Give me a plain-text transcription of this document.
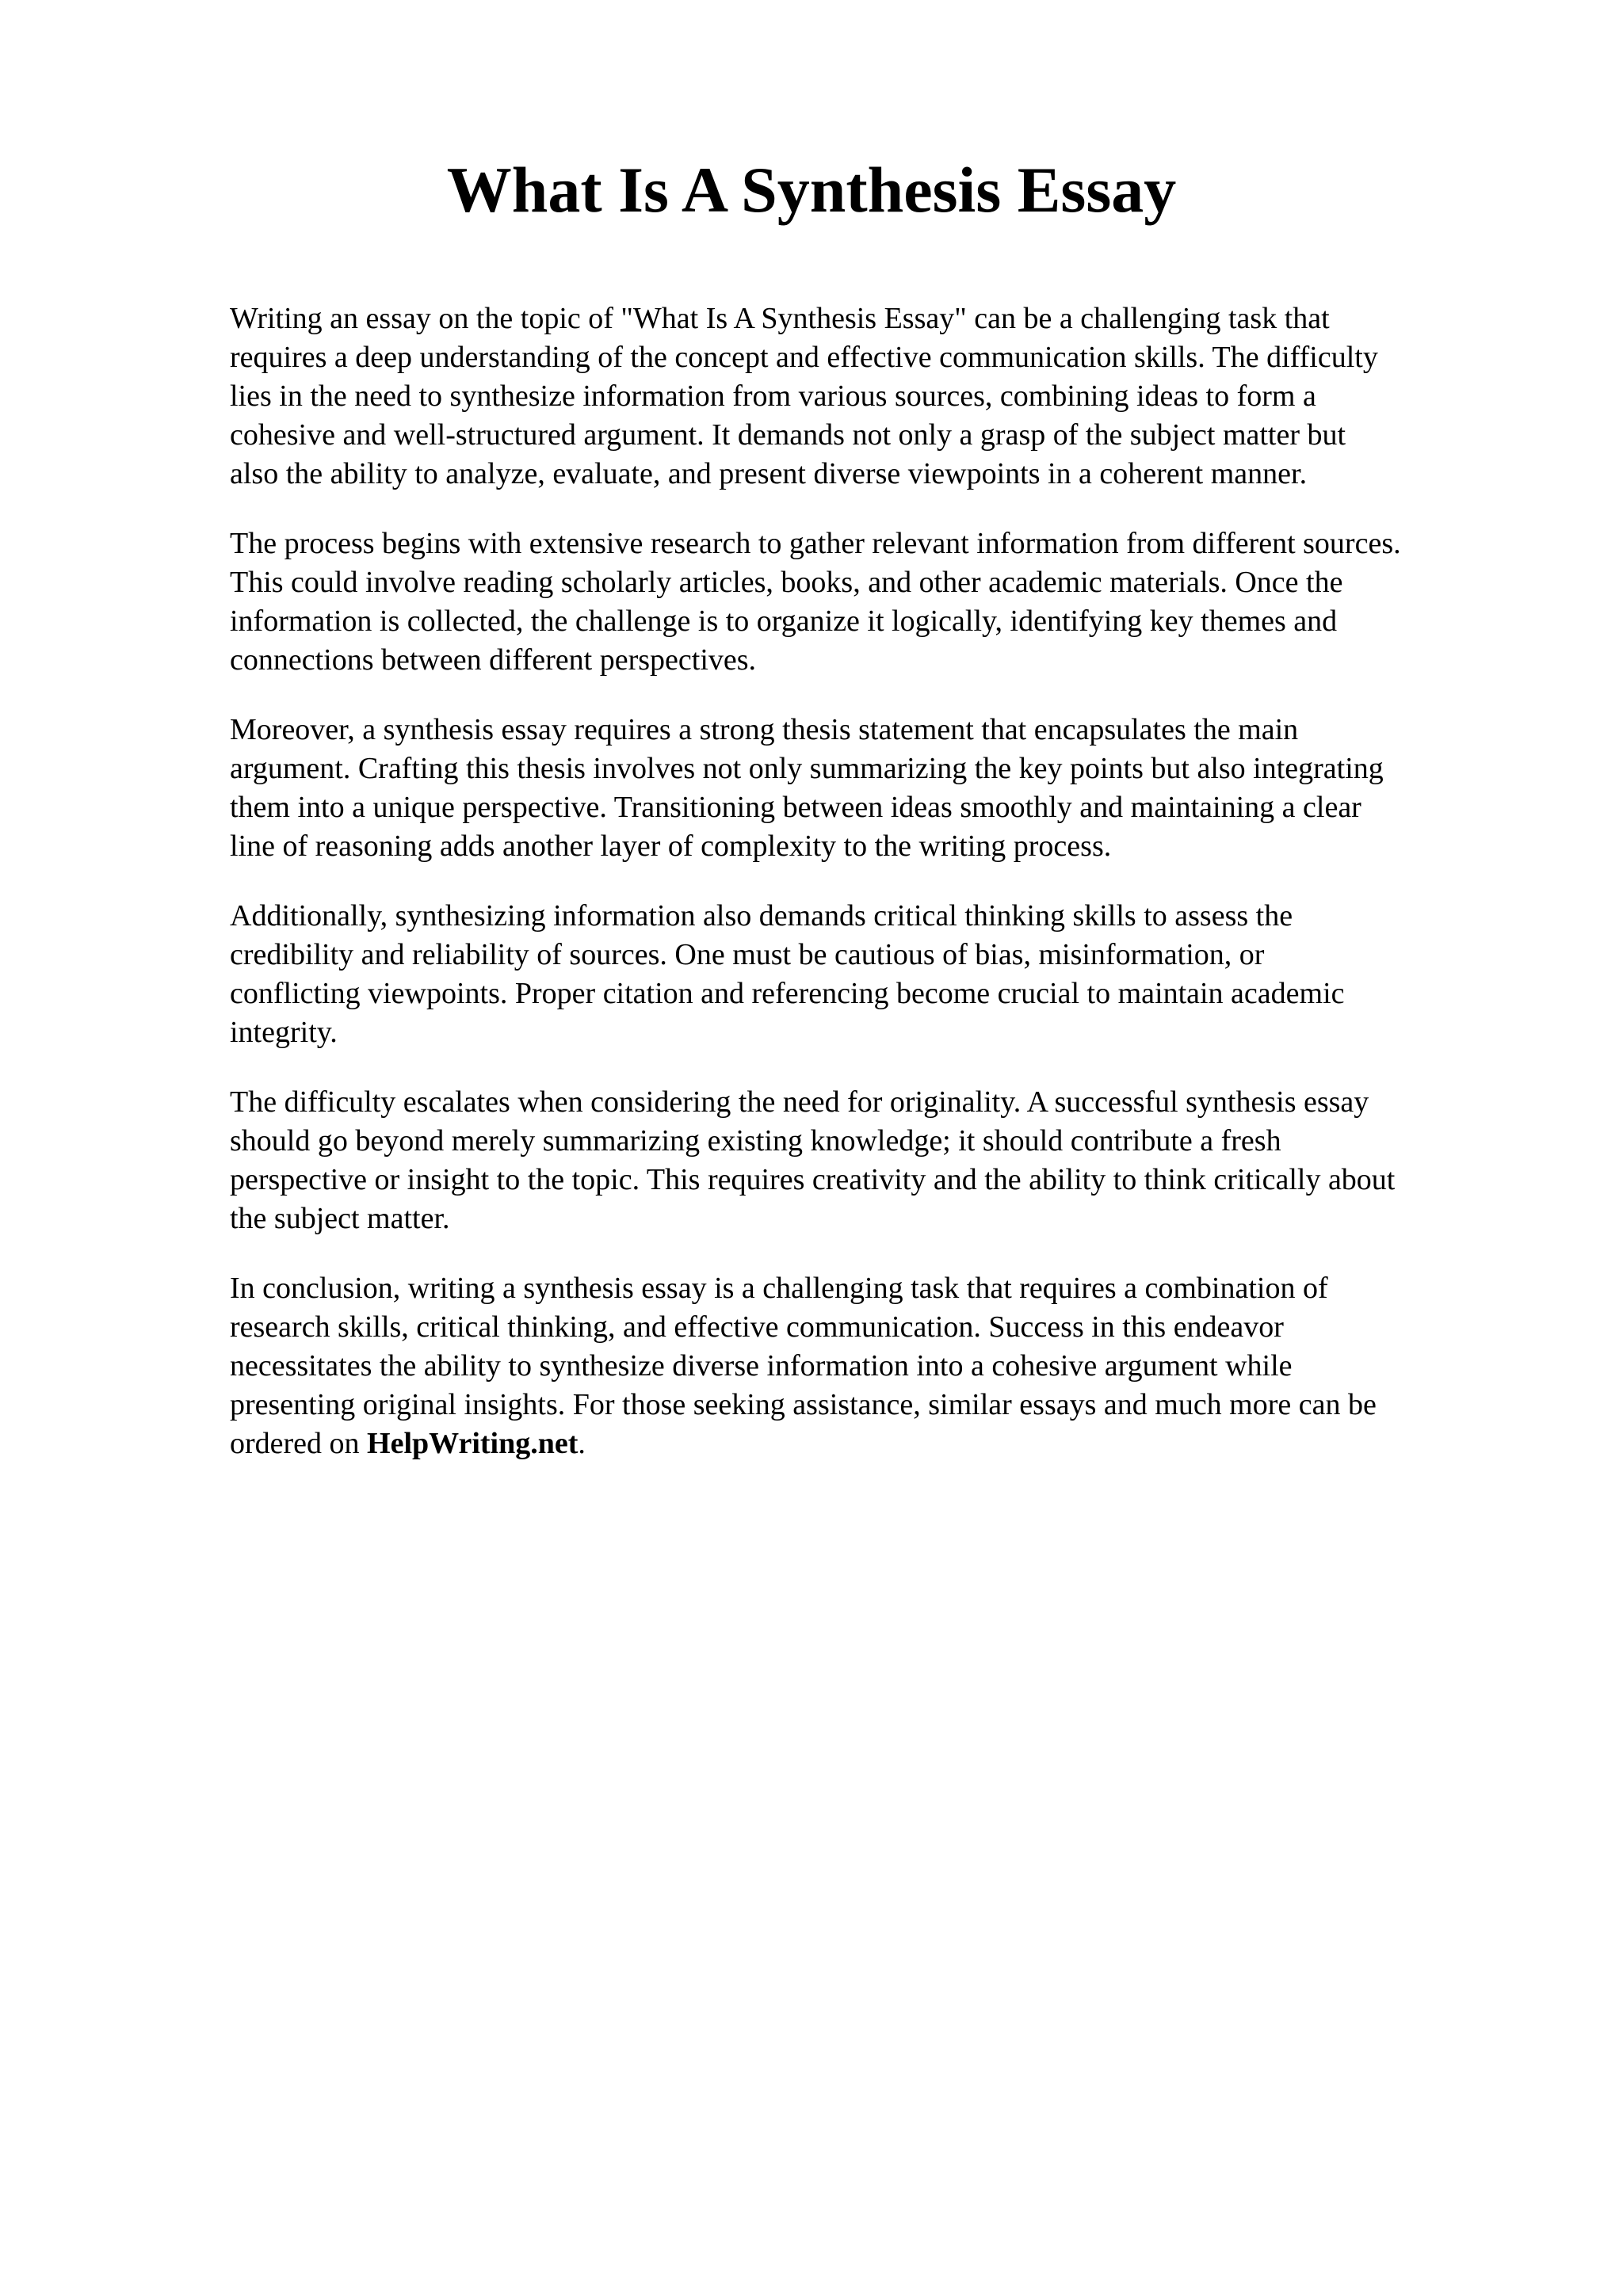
What Is A Synthesis Essay

Writing an essay on the topic of "What Is A Synthesis Essay" can be a challenging task that
requires a deep understanding of the concept and effective communication skills. The difficulty
lies in the need to synthesize information from various sources, combining ideas to form a
cohesive and well-structured argument. It demands not only a grasp of the subject matter but
also the ability to analyze, evaluate, and present diverse viewpoints in a coherent manner.

The process begins with extensive research to gather relevant information from different sources.
This could involve reading scholarly articles, books, and other academic materials. Once the
information is collected, the challenge is to organize it logically, identifying key themes and
connections between different perspectives.

Moreover, a synthesis essay requires a strong thesis statement that encapsulates the main
argument. Crafting this thesis involves not only summarizing the key points but also integrating
them into a unique perspective. Transitioning between ideas smoothly and maintaining a clear
line of reasoning adds another layer of complexity to the writing process.

Additionally, synthesizing information also demands critical thinking skills to assess the
credibility and reliability of sources. One must be cautious of bias, misinformation, or
conflicting viewpoints. Proper citation and referencing become crucial to maintain academic
integrity.

The difficulty escalates when considering the need for originality. A successful synthesis essay
should go beyond merely summarizing existing knowledge; it should contribute a fresh
perspective or insight to the topic. This requires creativity and the ability to think critically about
the subject matter.

In conclusion, writing a synthesis essay is a challenging task that requires a combination of
research skills, critical thinking, and effective communication. Success in this endeavor
necessitates the ability to synthesize diverse information into a cohesive argument while
presenting original insights. For those seeking assistance, similar essays and much more can be
ordered on HelpWriting.net.
